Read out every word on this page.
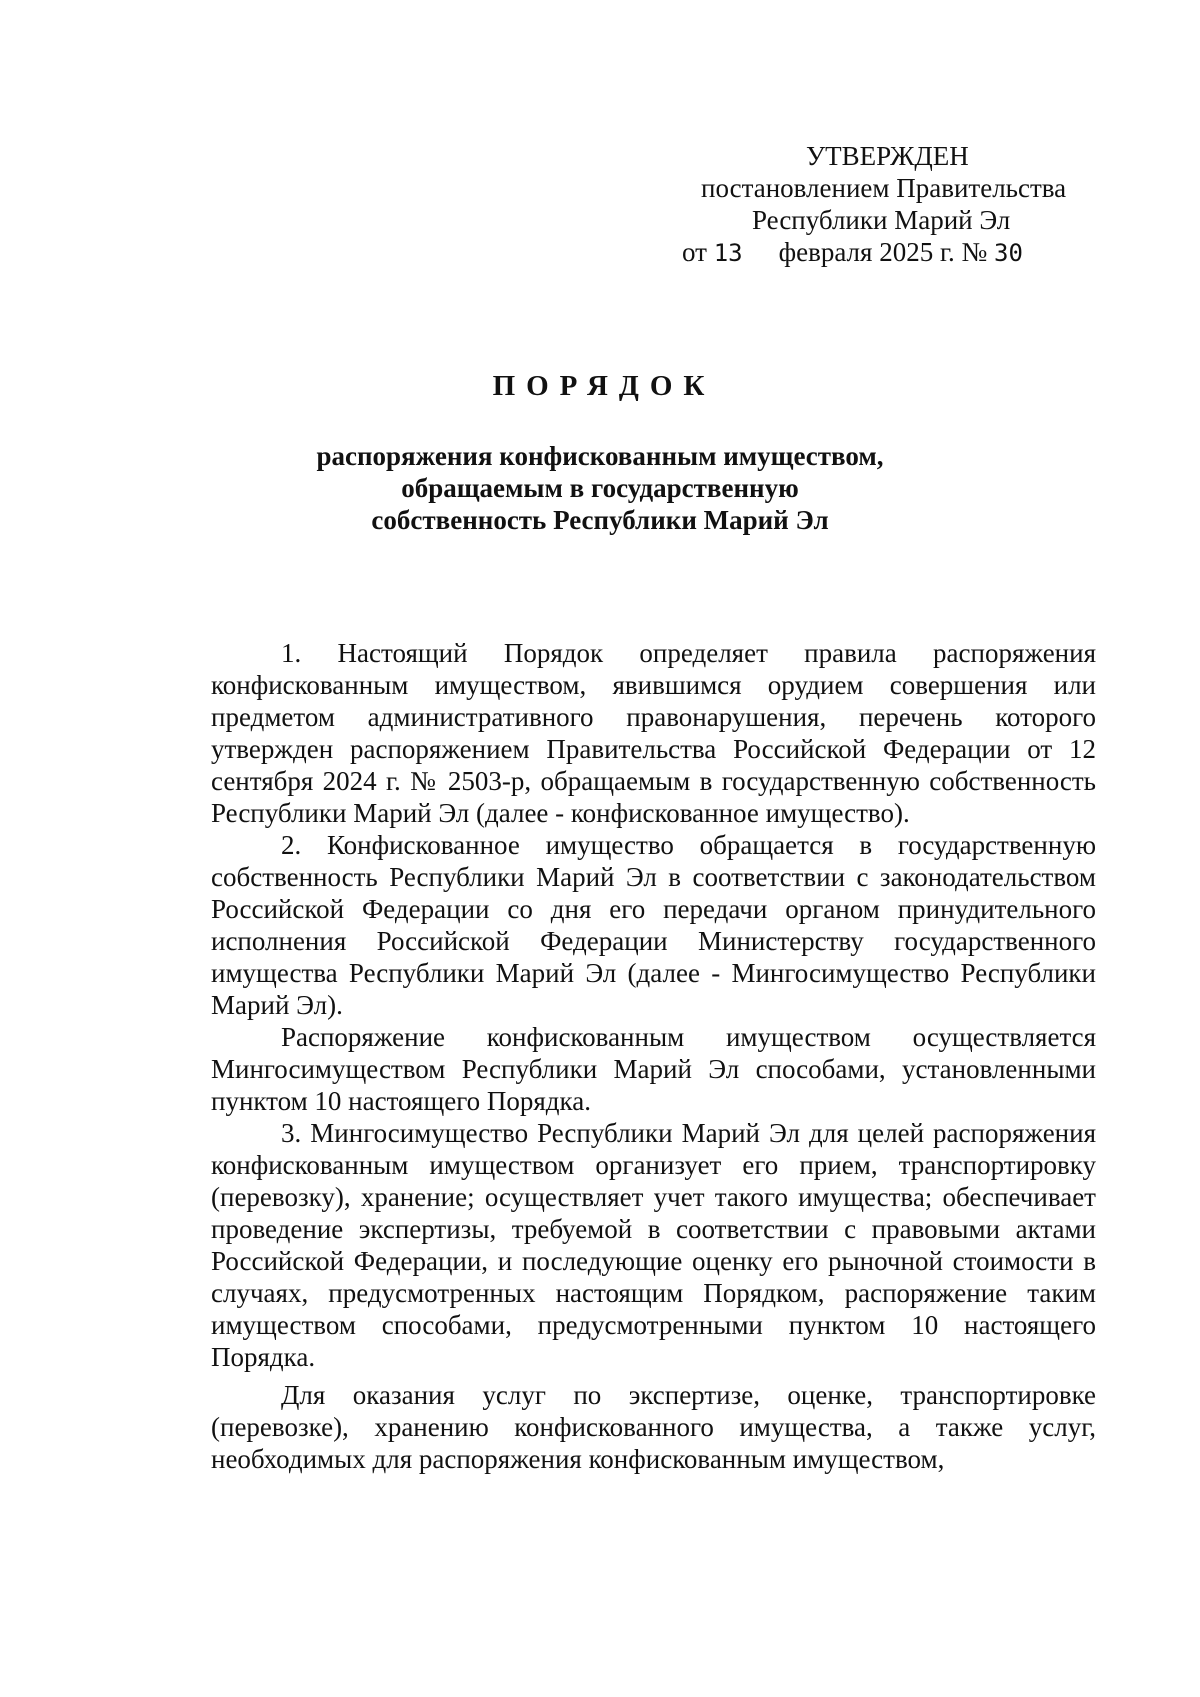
УТВЕРЖДЕН
постановлением Правительства
Республики Марий Эл
от 13 февраля 2025 г. № 30
ПОРЯДОК
распоряжения конфискованным имуществом,
обращаемым в государственную
собственность Республики Марий Эл

1. Настоящий Порядок определяет правила распоряжения конфискованным имуществом, явившимся орудием совершения или предметом административного правонарушения, перечень которого утвержден распоряжением Правительства Российской Федерации от 12 сентября 2024 г. № 2503-р, обращаемым в государственную собственность Республики Марий Эл (далее - конфискованное имущество).

2. Конфискованное имущество обращается в государственную собственность Республики Марий Эл в соответствии с законодательством Российской Федерации со дня его передачи органом принудительного исполнения Российской Федерации Министерству государственного имущества Республики Марий Эл (далее - Мингосимущество Республики Марий Эл).

Распоряжение конфискованным имуществом осуществляется Мингосимуществом Республики Марий Эл способами, установленными пунктом 10 настоящего Порядка.

3. Мингосимущество Республики Марий Эл для целей распоряжения конфискованным имуществом организует его прием, транспортировку (перевозку), хранение; осуществляет учет такого имущества; обеспечивает проведение экспертизы, требуемой в соответствии с правовыми актами Российской Федерации, и последующие оценку его рыночной стоимости в случаях, предусмотренных настоящим Порядком, распоряжение таким имуществом способами, предусмотренными пунктом 10 настоящего Порядка.

Для оказания услуг по экспертизе, оценке, транспортировке (перевозке), хранению конфискованного имущества, а также услуг, необходимых для распоряжения конфискованным имуществом,
